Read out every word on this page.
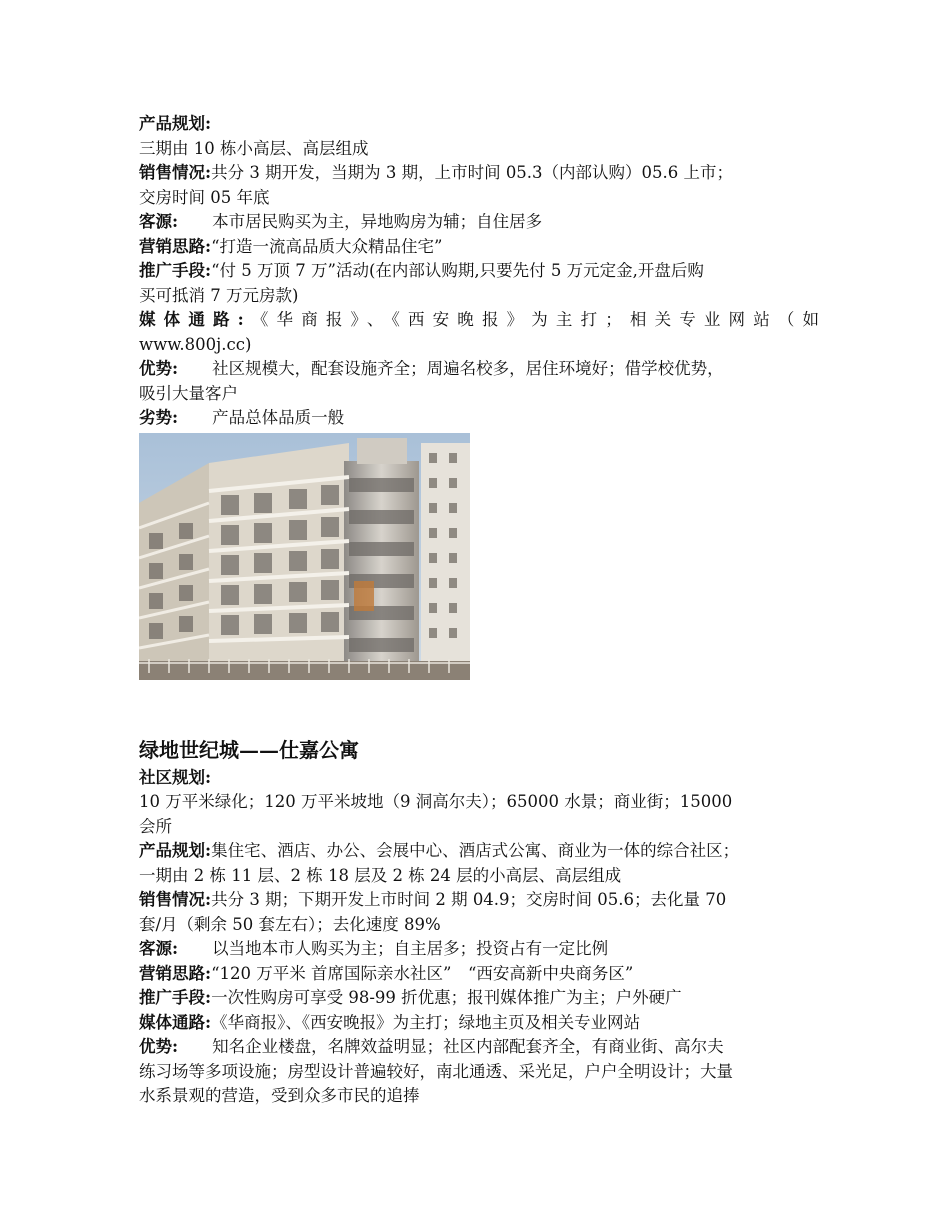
产品规划:

三期由 10 栋小高层、高层组成

销售情况:共分 3 期开发，当期为 3 期，上市时间 05.3（内部认购）05.6 上市；

交房时间 05 年底

客源: 本市居民购买为主，异地购房为辅；自住居多

营销思路:“打造一流高品质大众精品住宅”

推广手段:“付 5 万顶 7 万”活动(在内部认购期,只要先付 5 万元定金,开盘后购

买可抵消 7 万元房款)

媒体通路:《华商报》、《西安晚报》为主打；相关专业网站（如

www.800j.cc)

优势: 社区规模大，配套设施齐全；周遍名校多，居住环境好；借学校优势，

吸引大量客户

劣势: 产品总体品质一般

绿地世纪城——仕嘉公寓

社区规划:

10 万平米绿化；120 万平米坡地（9 洞高尔夫）；65000 水景；商业街；15000

会所

产品规划:集住宅、酒店、办公、会展中心、酒店式公寓、商业为一体的综合社区；

一期由 2 栋 11 层、2 栋 18 层及 2 栋 24 层的小高层、高层组成

销售情况:共分 3 期；下期开发上市时间 2 期 04.9；交房时间 05.6；去化量 70

套/月（剩余 50 套左右）；去化速度 89%

客源: 以当地本市人购买为主；自主居多；投资占有一定比例

营销思路:“120 万平米 首席国际亲水社区”　“西安高新中央商务区”

推广手段:一次性购房可享受 98-99 折优惠；报刊媒体推广为主；户外硬广

媒体通路:《华商报》、《西安晚报》为主打；绿地主页及相关专业网站

优势: 知名企业楼盘，名牌效益明显；社区内部配套齐全，有商业街、高尔夫

练习场等多项设施；房型设计普遍较好，南北通透、采光足，户户全明设计；大量

水系景观的营造，受到众多市民的追捧
